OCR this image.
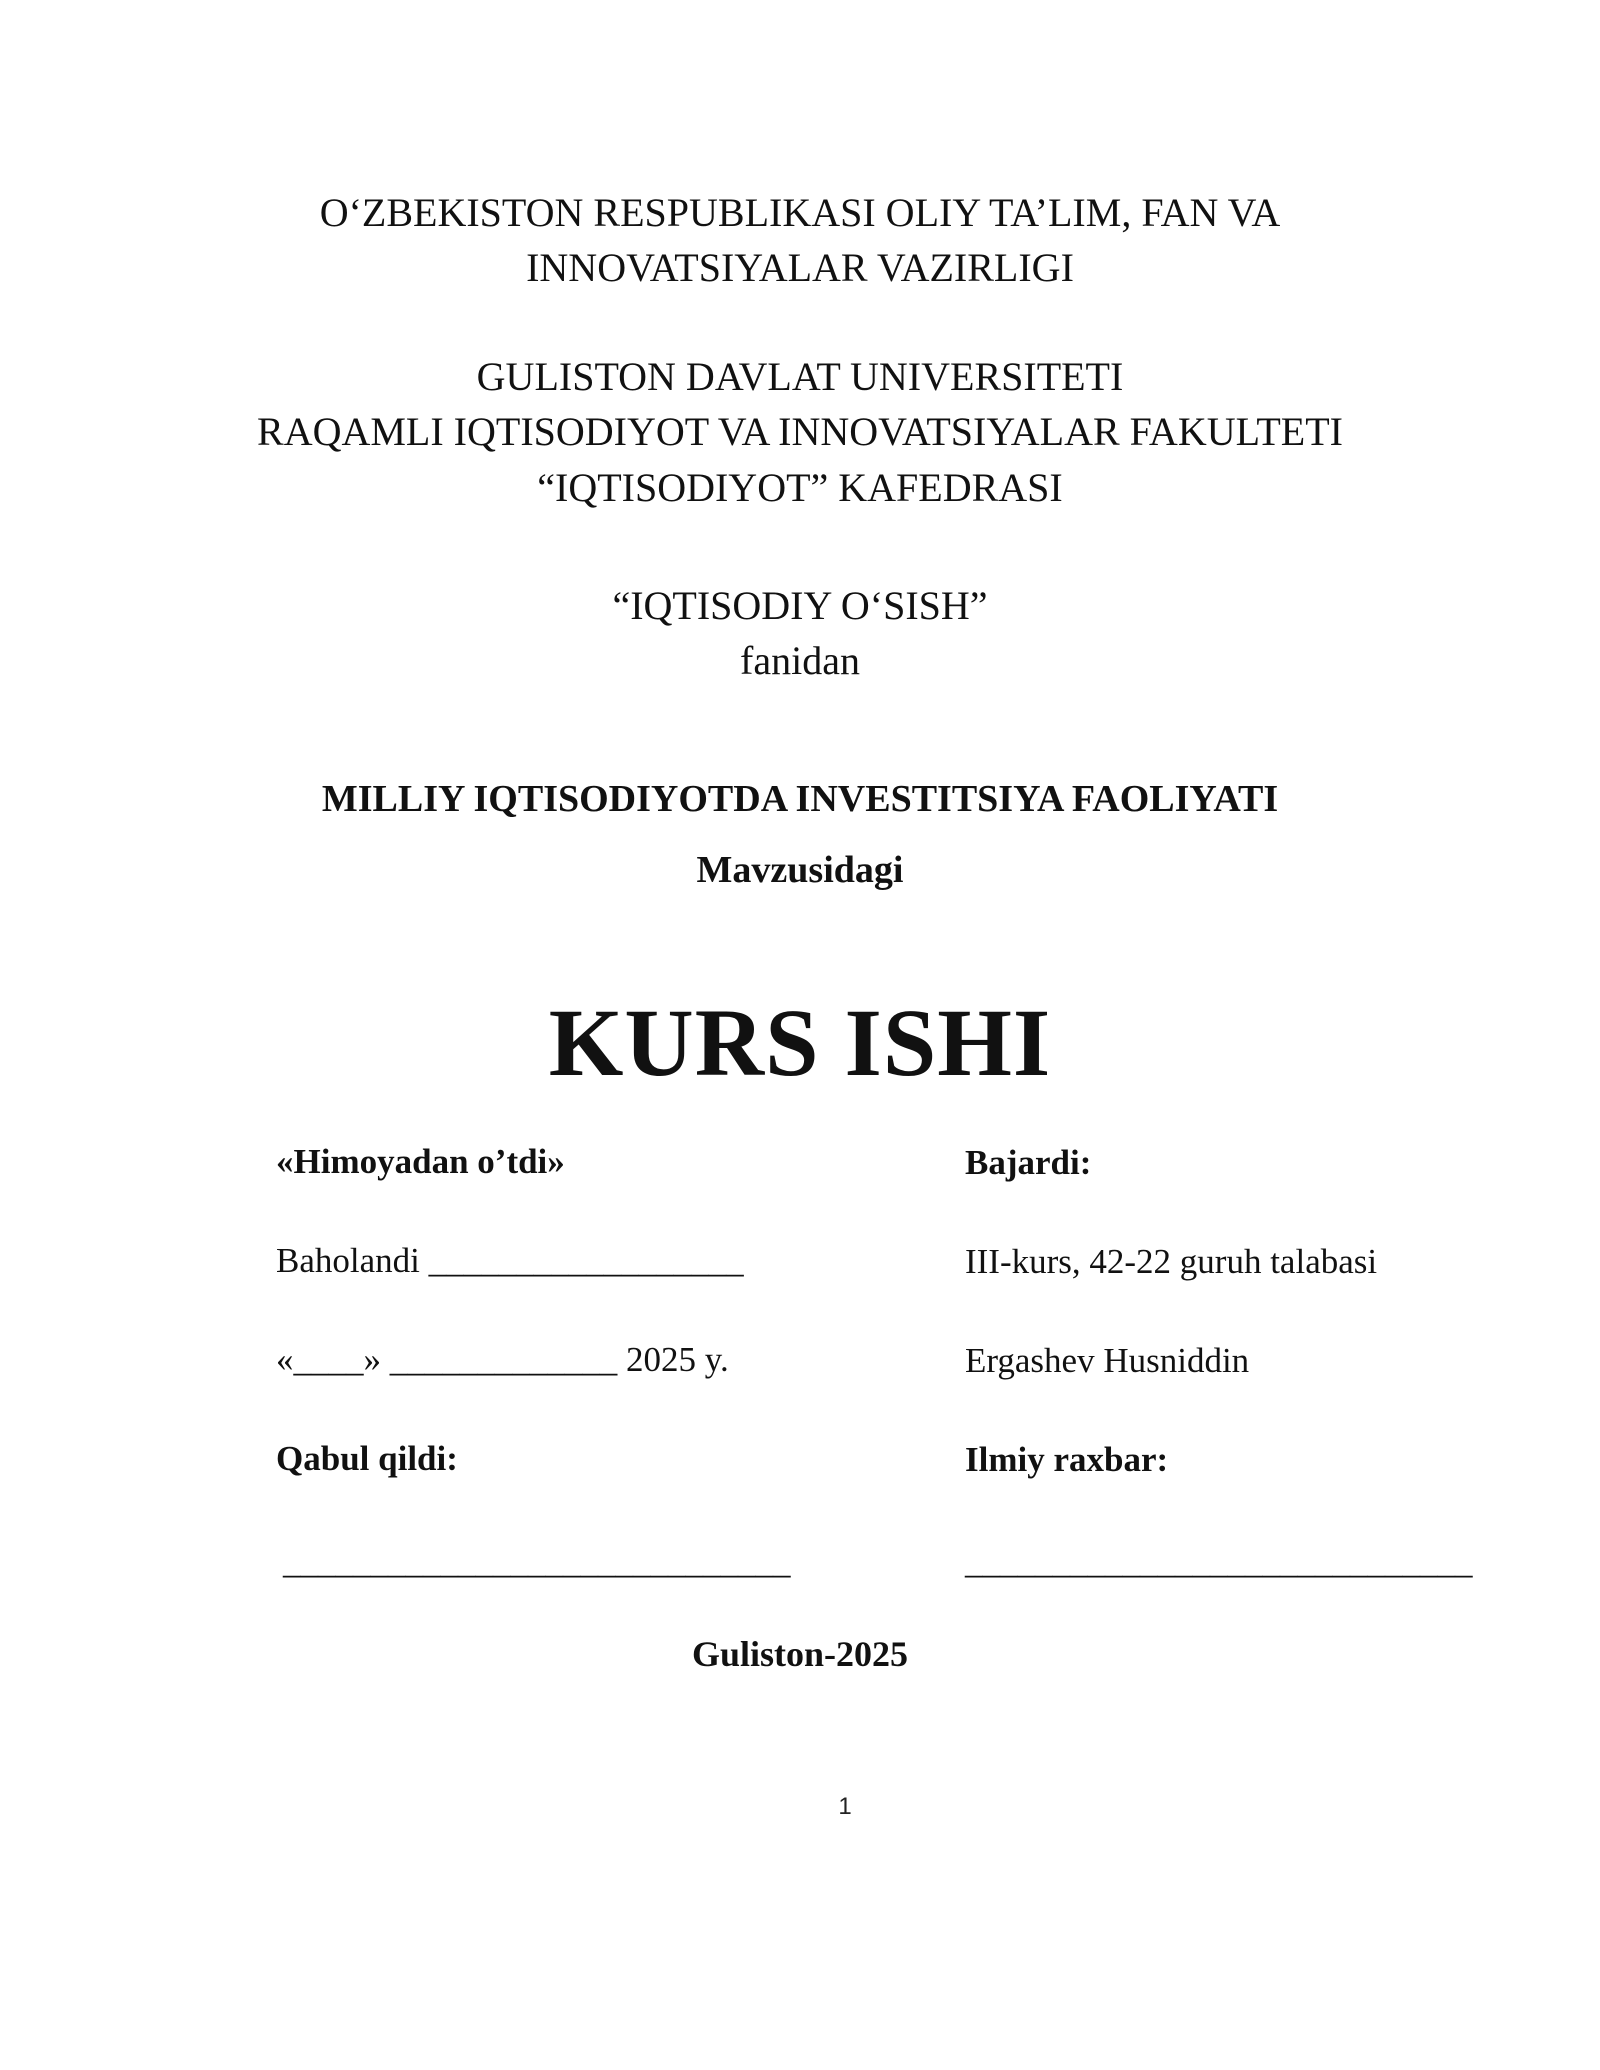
O‘ZBEKISTON RESPUBLIKASI OLIY TA’LIM, FAN VA
INNOVATSIYALAR VAZIRLIGI
GULISTON DAVLAT UNIVERSITETI
RAQAMLI IQTISODIYOT VA INNOVATSIYALAR FAKULTETI
“IQTISODIYOT” KAFEDRASI
“IQTISODIY O‘SISH”
fanidan
MILLIY IQTISODIYOTDA INVESTITSIYA FAOLIYATI
Mavzusidagi
KURS ISHI
«Himoyadan o’tdi»
Baholandi __________________
«____» _____________ 2025 y.
Qabul qildi:
_____________________________
Bajardi:
III-kurs, 42-22 guruh talabasi
Ergashev Husniddin
Ilmiy raxbar:
_____________________________
Guliston-2025
1
